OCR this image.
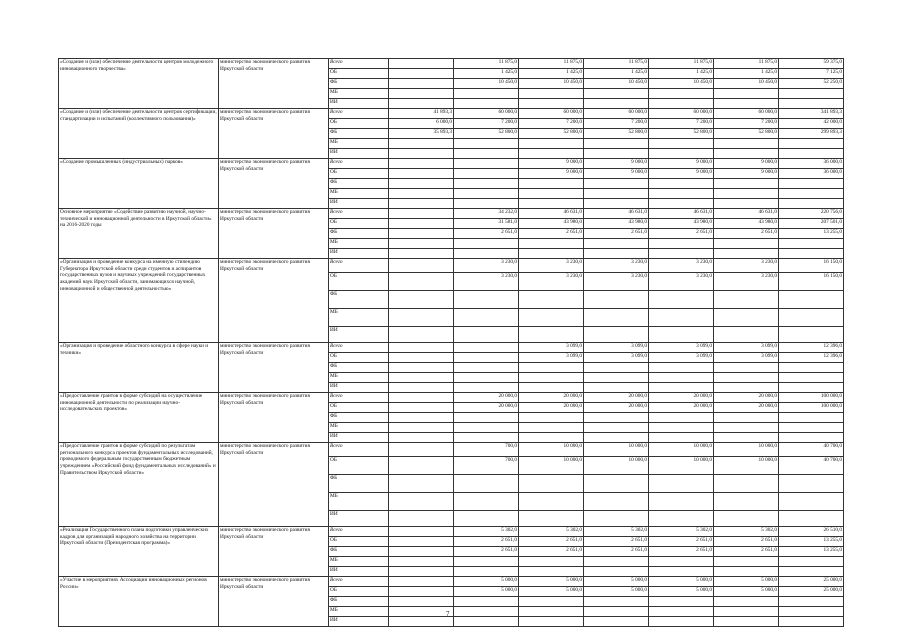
«Создание и (или) обеспечение деятельности центров молодежного инновационного творчества»	министерство экономического развития Иркутской области	Всего		11 875,0	11 875,0	11 875,0	11 875,0	11 875,0	59 375,0
		ОБ		1 425,0	1 425,0	1 425,0	1 425,0	1 425,0	7 125,0
		ФБ		10 450,0	10 450,0	10 450,0	10 450,0	10 450,0	52 250,0
		МБ							
		ИИ							
«Создание и (или) обеспечение деятельности центров сертификации, стандартизации и испытаний (коллективного пользования)»	министерство экономического развития Иркутской области	Всего	41 893,3	60 000,0	60 000,0	60 000,0	60 000,0	60 000,0	341 893,3
		ОБ	6 000,0	7 200,0	7 200,0	7 200,0	7 200,0	7 200,0	42 000,0
		ФБ	35 893,3	52 800,0	52 800,0	52 800,0	52 800,0	52 800,0	299 893,3
		МБ							
		ИИ							
«Создание промышленных (индустриальных) парков»	министерство экономического развития Иркутской области	Всего			9 000,0	9 000,0	9 000,0	9 000,0	36 000,0
		ОБ			9 000,0	9 000,0	9 000,0	9 000,0	36 000,0
		ФБ							
		МБ							
		ИИ							
Основное мероприятие «Содействие развитию научной, научно-технической и инновационной деятельности в Иркутской области» на 2016-2020 годы	министерство экономического развития Иркутской области	Всего		34 232,0	46 631,0	46 631,0	46 631,0	46 631,0	220 756,0
		ОБ		31 581,0	43 980,0	43 980,0	43 980,0	43 980,0	207 501,0
		ФБ		2 651,0	2 651,0	2 651,0	2 651,0	2 651,0	13 255,0
		МБ							
		ИИ							
«Организация и проведение конкурса на именную стипендию Губернатора Иркутской области среди студентов и аспирантов государственных вузов и научных учреждений государственных академий наук Иркутской области, занимающихся научной, инновационной и общественной деятельностью»	министерство экономического развития Иркутской области	Всего		3 230,0	3 230,0	3 230,0	3 230,0	3 230,0	16 150,0
		ОБ		3 230,0	3 230,0	3 230,0	3 230,0	3 230,0	16 150,0
		ФБ							
		МБ							
		ИИ							
«Организация и проведение областного конкурса в сфере науки и техники»	министерство экономического развития Иркутской области	Всего			3 099,0	3 099,0	3 099,0	3 099,0	12 396,0
		ОБ			3 099,0	3 099,0	3 099,0	3 099,0	12 396,0
		ФБ							
		МБ							
		ИИ							
«Предоставление грантов в форме субсидий на осуществление инновационной деятельности по реализации научно-исследовательских проектов»	министерство экономического развития Иркутской области	Всего		20 000,0	20 000,0	20 000,0	20 000,0	20 000,0	100 000,0
		ОБ		20 000,0	20 000,0	20 000,0	20 000,0	20 000,0	100 000,0
		ФБ							
		МБ							
		ИИ							
«Предоставление грантов в форме субсидий по результатам регионального конкурса проектов фундаментальных исследований, проводимого федеральным государственным бюджетным учреждением «Российский фонд фундаментальных исследований» и Правительством Иркутской области»	министерство экономического развития Иркутской области	Всего		700,0	10 000,0	10 000,0	10 000,0	10 000,0	40 700,0
		ОБ		700,0	10 000,0	10 000,0	10 000,0	10 000,0	40 700,0
		ФБ							
		МБ							
		ИИ							
«Реализация Государственного плана подготовки управленческих кадров для организаций народного хозяйства на территории Иркутской области (Президентская программа)»	министерство экономического развития Иркутской области	Всего		5 302,0	5 302,0	5 302,0	5 302,0	5 302,0	26 510,0
		ОБ		2 651,0	2 651,0	2 651,0	2 651,0	2 651,0	13 255,0
		ФБ		2 651,0	2 651,0	2 651,0	2 651,0	2 651,0	13 255,0
		МБ							
		ИИ							
«Участие в мероприятиях Ассоциации инновационных регионов России»	министерство экономического развития Иркутской области	Всего		5 000,0	5 000,0	5 000,0	5 000,0	5 000,0	25 000,0
		ОБ		5 000,0	5 000,0	5 000,0	5 000,0	5 000,0	25 000,0
		ФБ							
		МБ							
		ИИ							
7
